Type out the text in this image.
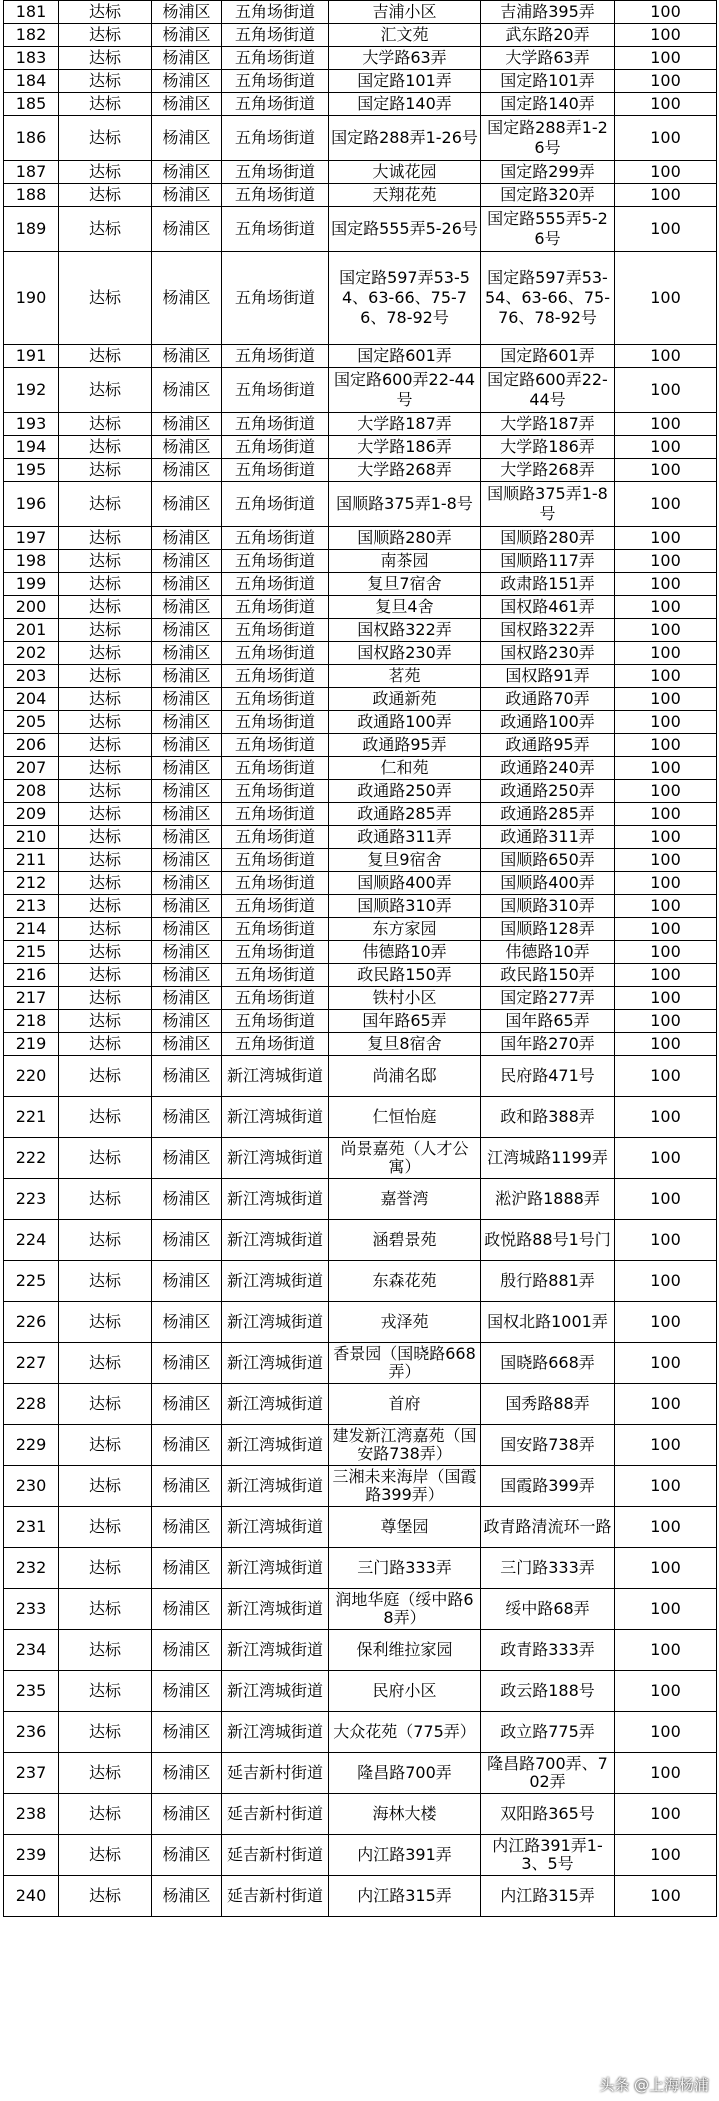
181	达标	杨浦区	五角场街道	吉浦小区	吉浦路395弄	100
182	达标	杨浦区	五角场街道	汇文苑	武东路20弄	100
183	达标	杨浦区	五角场街道	大学路63弄	大学路63弄	100
184	达标	杨浦区	五角场街道	国定路101弄	国定路101弄	100
185	达标	杨浦区	五角场街道	国定路140弄	国定路140弄	100
186	达标	杨浦区	五角场街道	国定路288弄1-26号	国定路288弄1-26号	100
187	达标	杨浦区	五角场街道	大诚花园	国定路299弄	100
188	达标	杨浦区	五角场街道	天翔花苑	国定路320弄	100
189	达标	杨浦区	五角场街道	国定路555弄5-26号	国定路555弄5-26号	100
190	达标	杨浦区	五角场街道	国定路597弄53-54、63-66、75-76、78-92号	国定路597弄53-54、63-66、75-76、78-92号	100
191	达标	杨浦区	五角场街道	国定路601弄	国定路601弄	100
192	达标	杨浦区	五角场街道	国定路600弄22-44号	国定路600弄22-44号	100
193	达标	杨浦区	五角场街道	大学路187弄	大学路187弄	100
194	达标	杨浦区	五角场街道	大学路186弄	大学路186弄	100
195	达标	杨浦区	五角场街道	大学路268弄	大学路268弄	100
196	达标	杨浦区	五角场街道	国顺路375弄1-8号	国顺路375弄1-8号	100
197	达标	杨浦区	五角场街道	国顺路280弄	国顺路280弄	100
198	达标	杨浦区	五角场街道	南茶园	国顺路117弄	100
199	达标	杨浦区	五角场街道	复旦7宿舍	政肃路151弄	100
200	达标	杨浦区	五角场街道	复旦4舍	国权路461弄	100
201	达标	杨浦区	五角场街道	国权路322弄	国权路322弄	100
202	达标	杨浦区	五角场街道	国权路230弄	国权路230弄	100
203	达标	杨浦区	五角场街道	茗苑	国权路91弄	100
204	达标	杨浦区	五角场街道	政通新苑	政通路70弄	100
205	达标	杨浦区	五角场街道	政通路100弄	政通路100弄	100
206	达标	杨浦区	五角场街道	政通路95弄	政通路95弄	100
207	达标	杨浦区	五角场街道	仁和苑	政通路240弄	100
208	达标	杨浦区	五角场街道	政通路250弄	政通路250弄	100
209	达标	杨浦区	五角场街道	政通路285弄	政通路285弄	100
210	达标	杨浦区	五角场街道	政通路311弄	政通路311弄	100
211	达标	杨浦区	五角场街道	复旦9宿舍	国顺路650弄	100
212	达标	杨浦区	五角场街道	国顺路400弄	国顺路400弄	100
213	达标	杨浦区	五角场街道	国顺路310弄	国顺路310弄	100
214	达标	杨浦区	五角场街道	东方家园	国顺路128弄	100
215	达标	杨浦区	五角场街道	伟德路10弄	伟德路10弄	100
216	达标	杨浦区	五角场街道	政民路150弄	政民路150弄	100
217	达标	杨浦区	五角场街道	铁村小区	国定路277弄	100
218	达标	杨浦区	五角场街道	国年路65弄	国年路65弄	100
219	达标	杨浦区	五角场街道	复旦8宿舍	国年路270弄	100
220	达标	杨浦区	新江湾城街道	尚浦名邸	民府路471号	100
221	达标	杨浦区	新江湾城街道	仁恒怡庭	政和路388弄	100
222	达标	杨浦区	新江湾城街道	尚景嘉苑（人才公寓）	江湾城路1199弄	100
223	达标	杨浦区	新江湾城街道	嘉誉湾	淞沪路1888弄	100
224	达标	杨浦区	新江湾城街道	涵碧景苑	政悦路88号1号门	100
225	达标	杨浦区	新江湾城街道	东森花苑	殷行路881弄	100
226	达标	杨浦区	新江湾城街道	戎泽苑	国权北路1001弄	100
227	达标	杨浦区	新江湾城街道	香景园（国晓路668弄）	国晓路668弄	100
228	达标	杨浦区	新江湾城街道	首府	国秀路88弄	100
229	达标	杨浦区	新江湾城街道	建发新江湾嘉苑（国安路738弄）	国安路738弄	100
230	达标	杨浦区	新江湾城街道	三湘未来海岸（国霞路399弄）	国霞路399弄	100
231	达标	杨浦区	新江湾城街道	尊堡园	政青路清流环一路	100
232	达标	杨浦区	新江湾城街道	三门路333弄	三门路333弄	100
233	达标	杨浦区	新江湾城街道	润地华庭（绥中路68弄）	绥中路68弄	100
234	达标	杨浦区	新江湾城街道	保利维拉家园	政青路333弄	100
235	达标	杨浦区	新江湾城街道	民府小区	政云路188号	100
236	达标	杨浦区	新江湾城街道	大众花苑（775弄）	政立路775弄	100
237	达标	杨浦区	延吉新村街道	隆昌路700弄	隆昌路700弄、702弄	100
238	达标	杨浦区	延吉新村街道	海林大楼	双阳路365号	100
239	达标	杨浦区	延吉新村街道	内江路391弄	内江路391弄1-3、5号	100
240	达标	杨浦区	延吉新村街道	内江路315弄	内江路315弄	100
头条 @上海杨浦
